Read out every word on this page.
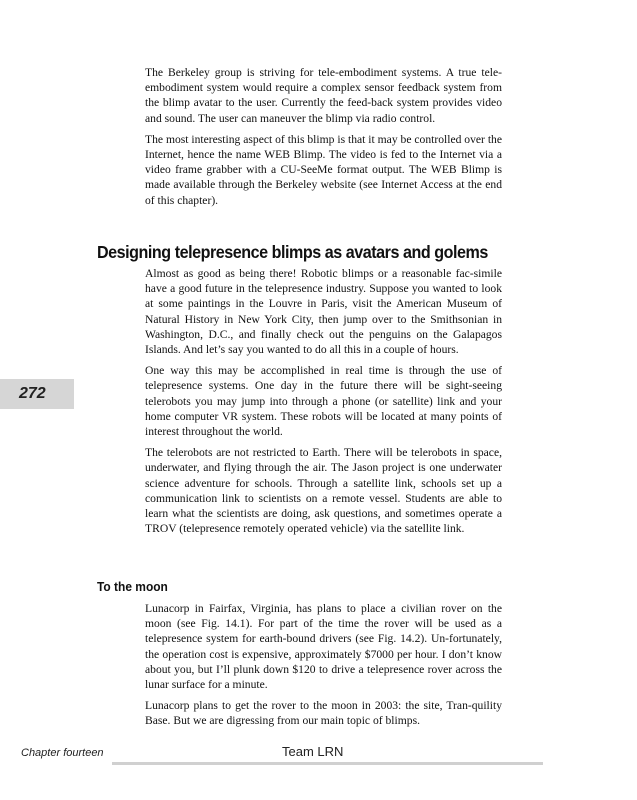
The Berkeley group is striving for tele-embodiment systems. A true tele-embodiment system would require a complex sensor feedback system from the blimp avatar to the user. Currently the feed-back system provides video and sound. The user can maneuver the blimp via radio control.

The most interesting aspect of this blimp is that it may be controlled over the Internet, hence the name WEB Blimp. The video is fed to the Internet via a video frame grabber with a CU-SeeMe format output. The WEB Blimp is made available through the Berkeley website (see Internet Access at the end of this chapter).

Designing telepresence blimps as avatars and golems

Almost as good as being there! Robotic blimps or a reasonable fac-simile have a good future in the telepresence industry. Suppose you wanted to look at some paintings in the Louvre in Paris, visit the American Museum of Natural History in New York City, then jump over to the Smithsonian in Washington, D.C., and finally check out the penguins on the Galapagos Islands. And let’s say you wanted to do all this in a couple of hours.

One way this may be accomplished in real time is through the use of telepresence systems. One day in the future there will be sight-seeing telerobots you may jump into through a phone (or satellite) link and your home computer VR system. These robots will be located at many points of interest throughout the world.

The telerobots are not restricted to Earth. There will be telerobots in space, underwater, and flying through the air. The Jason project is one underwater science adventure for schools. Through a satellite link, schools set up a communication link to scientists on a remote vessel. Students are able to learn what the scientists are doing, ask questions, and sometimes operate a TROV (telepresence remotely operated vehicle) via the satellite link.

To the moon

Lunacorp in Fairfax, Virginia, has plans to place a civilian rover on the moon (see Fig. 14.1). For part of the time the rover will be used as a telepresence system for earth-bound drivers (see Fig. 14.2). Un-fortunately, the operation cost is expensive, approximately $7000 per hour. I don’t know about you, but I’ll plunk down $120 to drive a telepresence rover across the lunar surface for a minute.

Lunacorp plans to get the rover to the moon in 2003: the site, Tran-quility Base. But we are digressing from our main topic of blimps.

272
Chapter fourteen	Team LRN
